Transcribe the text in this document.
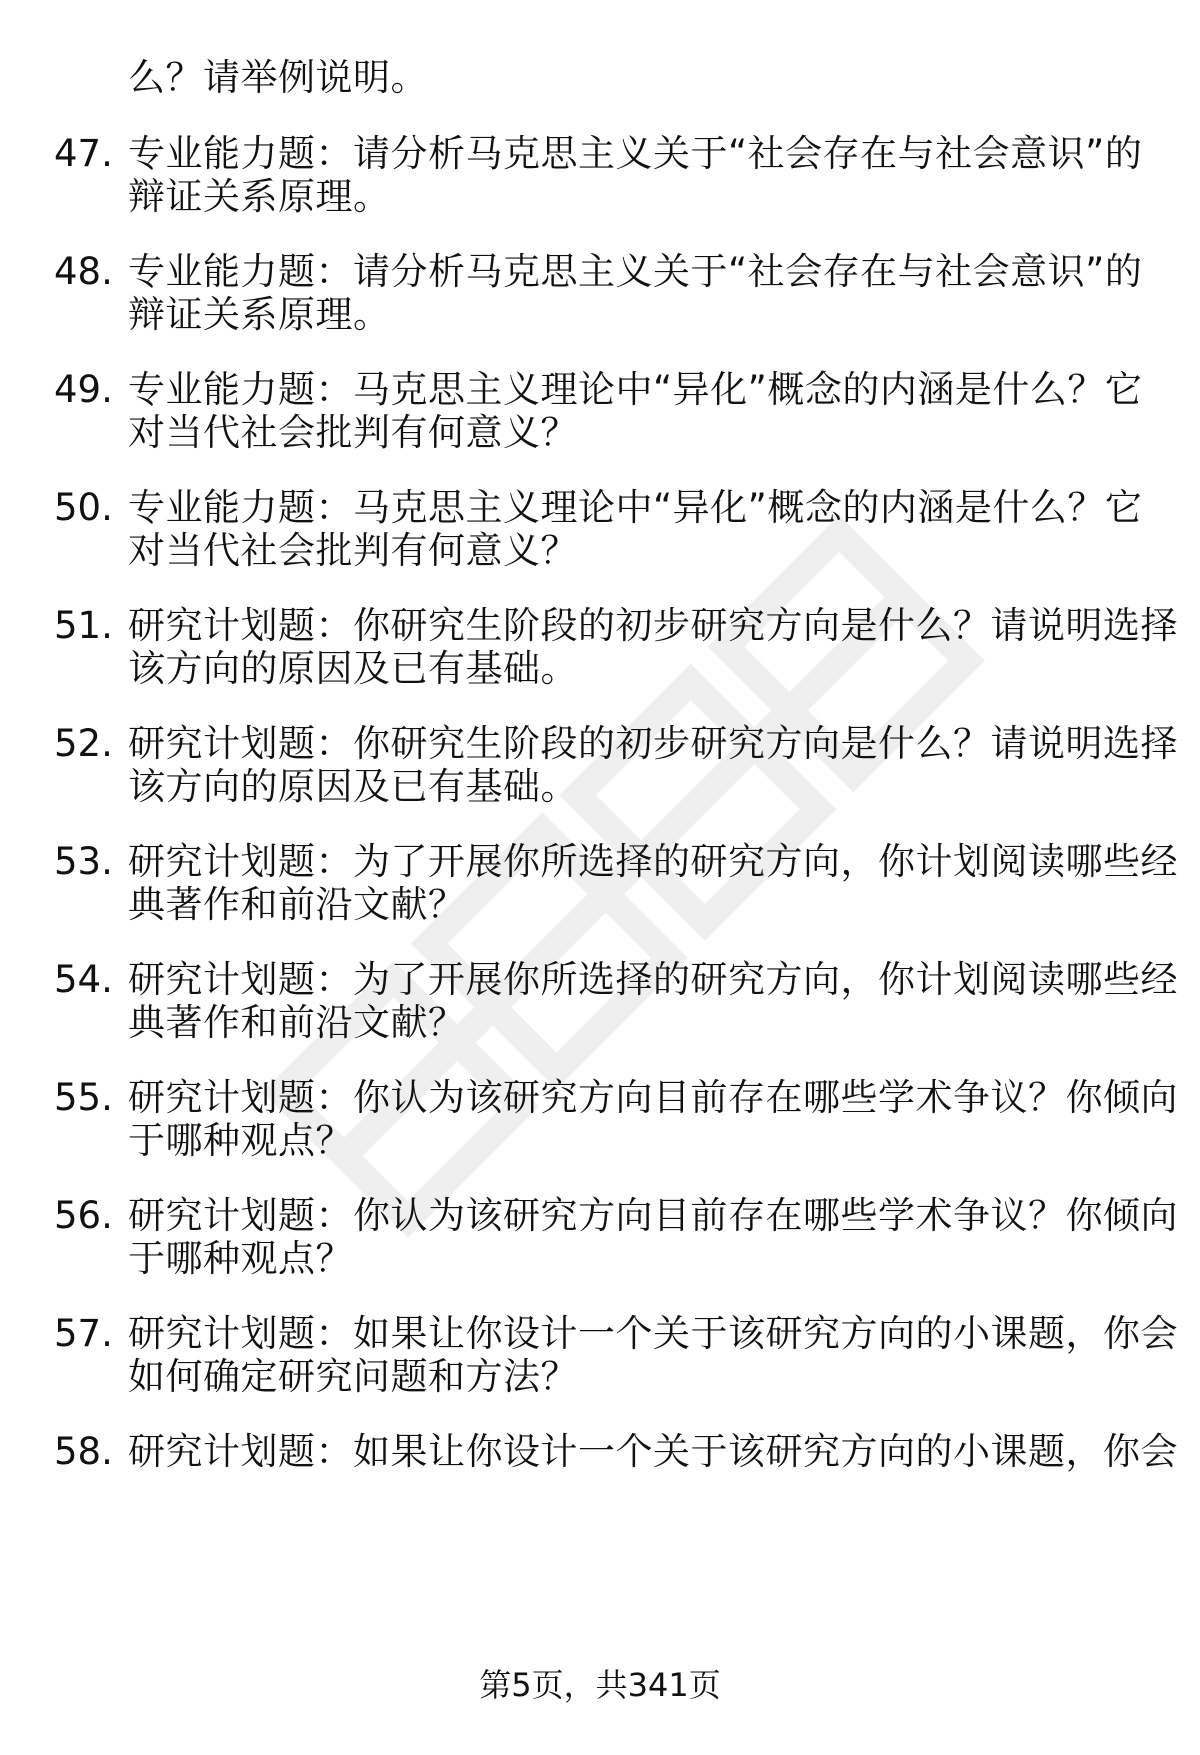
么？请举例说明。
47. 专业能力题：请分析马克思主义关于“社会存在与社会意识”的
辩证关系原理。
48. 专业能力题：请分析马克思主义关于“社会存在与社会意识”的
辩证关系原理。
49. 专业能力题：马克思主义理论中“异化”概念的内涵是什么？它
对当代社会批判有何意义？
50. 专业能力题：马克思主义理论中“异化”概念的内涵是什么？它
对当代社会批判有何意义？
51. 研究计划题：你研究生阶段的初步研究方向是什么？请说明选择
该方向的原因及已有基础。
52. 研究计划题：你研究生阶段的初步研究方向是什么？请说明选择
该方向的原因及已有基础。
53. 研究计划题：为了开展你所选择的研究方向，你计划阅读哪些经
典著作和前沿文献？
54. 研究计划题：为了开展你所选择的研究方向，你计划阅读哪些经
典著作和前沿文献？
55. 研究计划题：你认为该研究方向目前存在哪些学术争议？你倾向
于哪种观点？
56. 研究计划题：你认为该研究方向目前存在哪些学术争议？你倾向
于哪种观点？
57. 研究计划题：如果让你设计一个关于该研究方向的小课题，你会
如何确定研究问题和方法？
58. 研究计划题：如果让你设计一个关于该研究方向的小课题，你会
第5页，共341页
